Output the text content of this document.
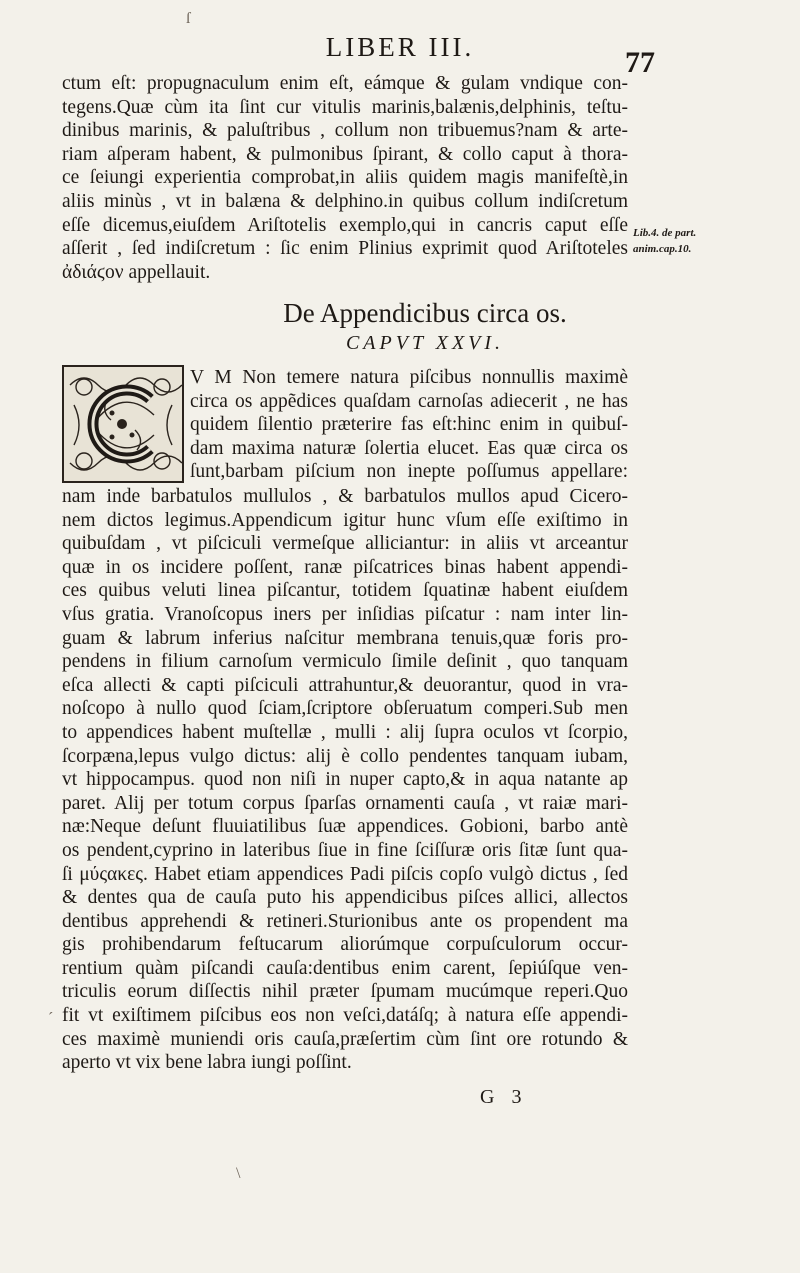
LIBER III.	77
ctum eſt: propugnaculum enim eſt, eámque & gulam vndique con-
tegens.Quæ cùm ita ſint cur vitulis marinis,balænis,delphinis, teſtu-
dinibus marinis, & paluſtribus , collum non tribuemus?nam & arte-
riam aſperam habent, & pulmonibus ſpirant, & collo caput à thora-
ce ſeiungi experientia comprobat,in aliis quidem magis manifeſtè,in
aliis minùs , vt in balæna & delphino.in quibus collum indiſcretum
eſſe dicemus,eiuſdem Ariſtotelis exemplo,qui in cancris caput eſſe
aſſerit , ſed indiſcretum : ſic enim Plinius exprimit quod Ariſtoteles
ἀδιάϛον appellauit.
Lib.4. de part.
anim.cap.10.
De Appendicibus circa os.
CAPVT XXVI.
V M Non temere natura piſcibus nonnullis maximè
circa os appẽdices quaſdam carnoſas adiecerit , ne has
quidem ſilentio præterire fas eſt:hinc enim in quibuſ-
dam maxima naturæ ſolertia elucet. Eas quæ circa os
ſunt,barbam piſcium non inepte poſſumus appellare:
nam inde barbatulos mullulos , & barbatulos mullos apud Cicero-
nem dictos legimus.Appendicum igitur hunc vſum eſſe exiſtimo in
quibuſdam , vt piſciculi vermeſque alliciantur: in aliis vt arceantur
quæ in os incidere poſſent, ranæ piſcatrices binas habent appendi-
ces quibus veluti linea piſcantur, totidem ſquatinæ habent eiuſdem
vſus gratia. Vranoſcopus iners per inſidias piſcatur : nam inter lin-
guam & labrum inferius naſcitur membrana tenuis,quæ foris pro-
pendens in filium carnoſum vermiculo ſimile deſinit , quo tanquam
eſca allecti & capti piſciculi attrahuntur,& deuorantur, quod in vra-
noſcopo à nullo quod ſciam,ſcriptore obſeruatum comperi.Sub men
to appendices habent muſtellæ , mulli : alij ſupra oculos vt ſcorpio,
ſcorpæna,lepus vulgo dictus: alij è collo pendentes tanquam iubam,
vt hippocampus. quod non niſi in nuper capto,& in aqua natante ap
paret. Alij per totum corpus ſparſas ornamenti cauſa , vt raiæ mari-
næ:Neque deſunt fluuiatilibus ſuæ appendices. Gobioni, barbo antè
os pendent,cyprino in lateribus ſiue in fine ſciſſuræ oris ſitæ ſunt qua-
ſi μύςακες. Habet etiam appendices Padi piſcis copſo vulgò dictus , ſed
& dentes qua de cauſa puto his appendicibus piſces allici, allectos
dentibus apprehendi & retineri.Sturionibus ante os propendent ma
gis prohibendarum feſtucarum aliorúmque corpuſculorum occur-
rentium quàm piſcandi cauſa:dentibus enim carent, ſepiúſque ven-
triculis eorum diſſectis nihil præter ſpumam mucúmque reperi.Quo
fit vt exiſtimem piſcibus eos non veſci,datáſq; à natura eſſe appendi-
ces maximè muniendi oris cauſa,præſertim cùm ſint ore rotundo &
aperto vt vix bene labra iungi poſſint.
G 3
ſ
ˊ
\
